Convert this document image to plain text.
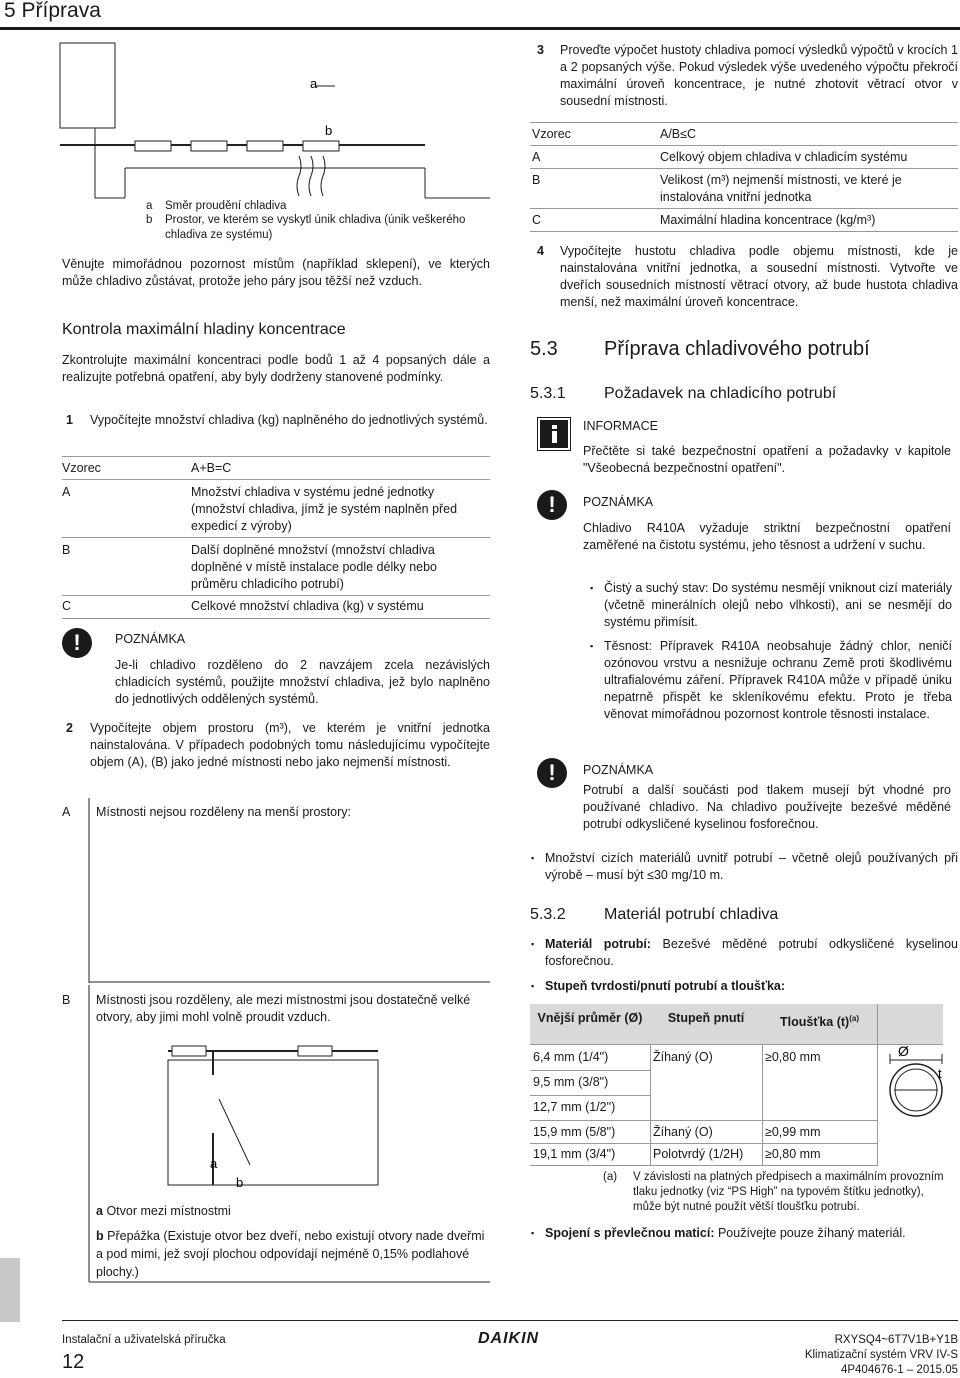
5 Příprava
a
b
a Směr proudění chladiva
b Prostor, ve kterém se vyskytl únik chladiva (únik veškerého chladiva ze systému)
Věnujte mimořádnou pozornost místům (například sklepení), ve kterých může chladivo zůstávat, protože jeho páry jsou těžší než vzduch.
Kontrola maximální hladiny koncentrace
Zkontrolujte maximální koncentraci podle bodů 1 až 4 popsaných dále a realizujte potřebná opatření, aby byly dodrženy stanovené podmínky.
1 Vypočítejte množství chladiva (kg) naplněného do jednotlivých systémů.
Vzorec	A+B=C
A	Množství chladiva v systému jedné jednotky (množství chladiva, jímž je systém naplněn před expedicí z výroby)
B	Další doplněné množství (množství chladiva doplněné v místě instalace podle délky nebo průměru chladicího potrubí)
C	Celkové množství chladiva (kg) v systému
!	POZNÁMKA
Je-li chladivo rozděleno do 2 navzájem zcela nezávislých chladicích systémů, použijte množství chladiva, jež bylo naplněno do jednotlivých oddělených systémů.
2 Vypočítejte objem prostoru (m³), ve kterém je vnitřní jednotka nainstalována. V případech podobných tomu následujícímu vypočítejte objem (A), (B) jako jedné místnosti nebo jako nejmenší místnosti.
A Místnosti nejsou rozděleny na menší prostory:
B Místnosti jsou rozděleny, ale mezi místnostmi jsou dostatečně velké otvory, aby jimi mohl volně proudit vzduch.
a
b
a Otvor mezi místnostmi
b Přepážka (Existuje otvor bez dveří, nebo existují otvory nade dveřmi a pod mimi, jež svojí plochou odpovídají nejméně 0,15% podlahové plochy.)
3 Proveďte výpočet hustoty chladiva pomocí výsledků výpočtů v krocích 1 a 2 popsaných výše. Pokud výsledek výše uvedeného výpočtu překročí maximální úroveň koncentrace, je nutné zhotovit větrací otvor v sousední místnosti.
Vzorec	A/B≤C
A	Celkový objem chladiva v chladicím systému
B	Velikost (m³) nejmenší místnosti, ve které je instalována vnitřní jednotka
C	Maximální hladina koncentrace (kg/m³)
4 Vypočítejte hustotu chladiva podle objemu místnosti, kde je nainstalována vnitřní jednotka, a sousední místnosti. Vytvořte ve dveřích sousedních místností větrací otvory, až bude hustota chladiva menší, než maximální úroveň koncentrace.
5.3 Příprava chladivového potrubí
5.3.1 Požadavek na chladicího potrubí
INFORMACE
Přečtěte si také bezpečnostní opatření a požadavky v kapitole "Všeobecná bezpečnostní opatření".
!	POZNÁMKA
Chladivo R410A vyžaduje striktní bezpečnostní opatření zaměřené na čistotu systému, jeho těsnost a udržení v suchu.
▪ Čistý a suchý stav: Do systému nesmějí vniknout cizí materiály (včetně minerálních olejů nebo vlhkosti), ani se nesmějí do systému přimísit.
▪ Těsnost: Přípravek R410A neobsahuje žádný chlor, neničí ozónovou vrstvu a nesnižuje ochranu Země proti škodlivému ultrafialovému záření. Přípravek R410A může v případě úniku nepatrně přispět ke skleníkovému efektu. Proto je třeba věnovat mimořádnou pozornost kontrole těsnosti instalace.
!	POZNÁMKA
Potrubí a další součásti pod tlakem musejí být vhodné pro používané chladivo. Na chladivo používejte bezešvé měděné potrubí odkysličené kyselinou fosforečnou.
▪ Množství cizích materiálů uvnitř potrubí – včetně olejů používaných při výrobě – musí být ≤30 mg/10 m.
5.3.2 Materiál potrubí chladiva
▪ Materiál potrubí: Bezešvé měděné potrubí odkysličené kyselinou fosforečnou.
▪ Stupeň tvrdosti/pnutí potrubí a tloušťka:
Vnější průměr (Ø)	Stupeň pnutí	Tloušťka $(t)^{(a)}$
6,4 mm (1/4")	Žíhaný (O)	≥0,80 mm
9,5 mm (3/8")
12,7 mm (1/2")
15,9 mm (5/8")	Žíhaný (O)	≥0,99 mm
19,1 mm (3/4")	Polotvrdý (1/2H) ≥0,80 mm
Ø
t
(a) V závislosti na platných předpisech a maximálním provozním tlaku jednotky (viz “PS High” na typovém štítku jednotky), může být nutné použít větší tloušťku potrubí.
▪ Spojení s převlečnou maticí: Používejte pouze žíhaný materiál.
Instalační a uživatelská příručka
12
DAIKIN	RXYSQ4~6T7V1B+Y1B
Klimatizační systém VRV IV-S
4P404676-1 – 2015.05
